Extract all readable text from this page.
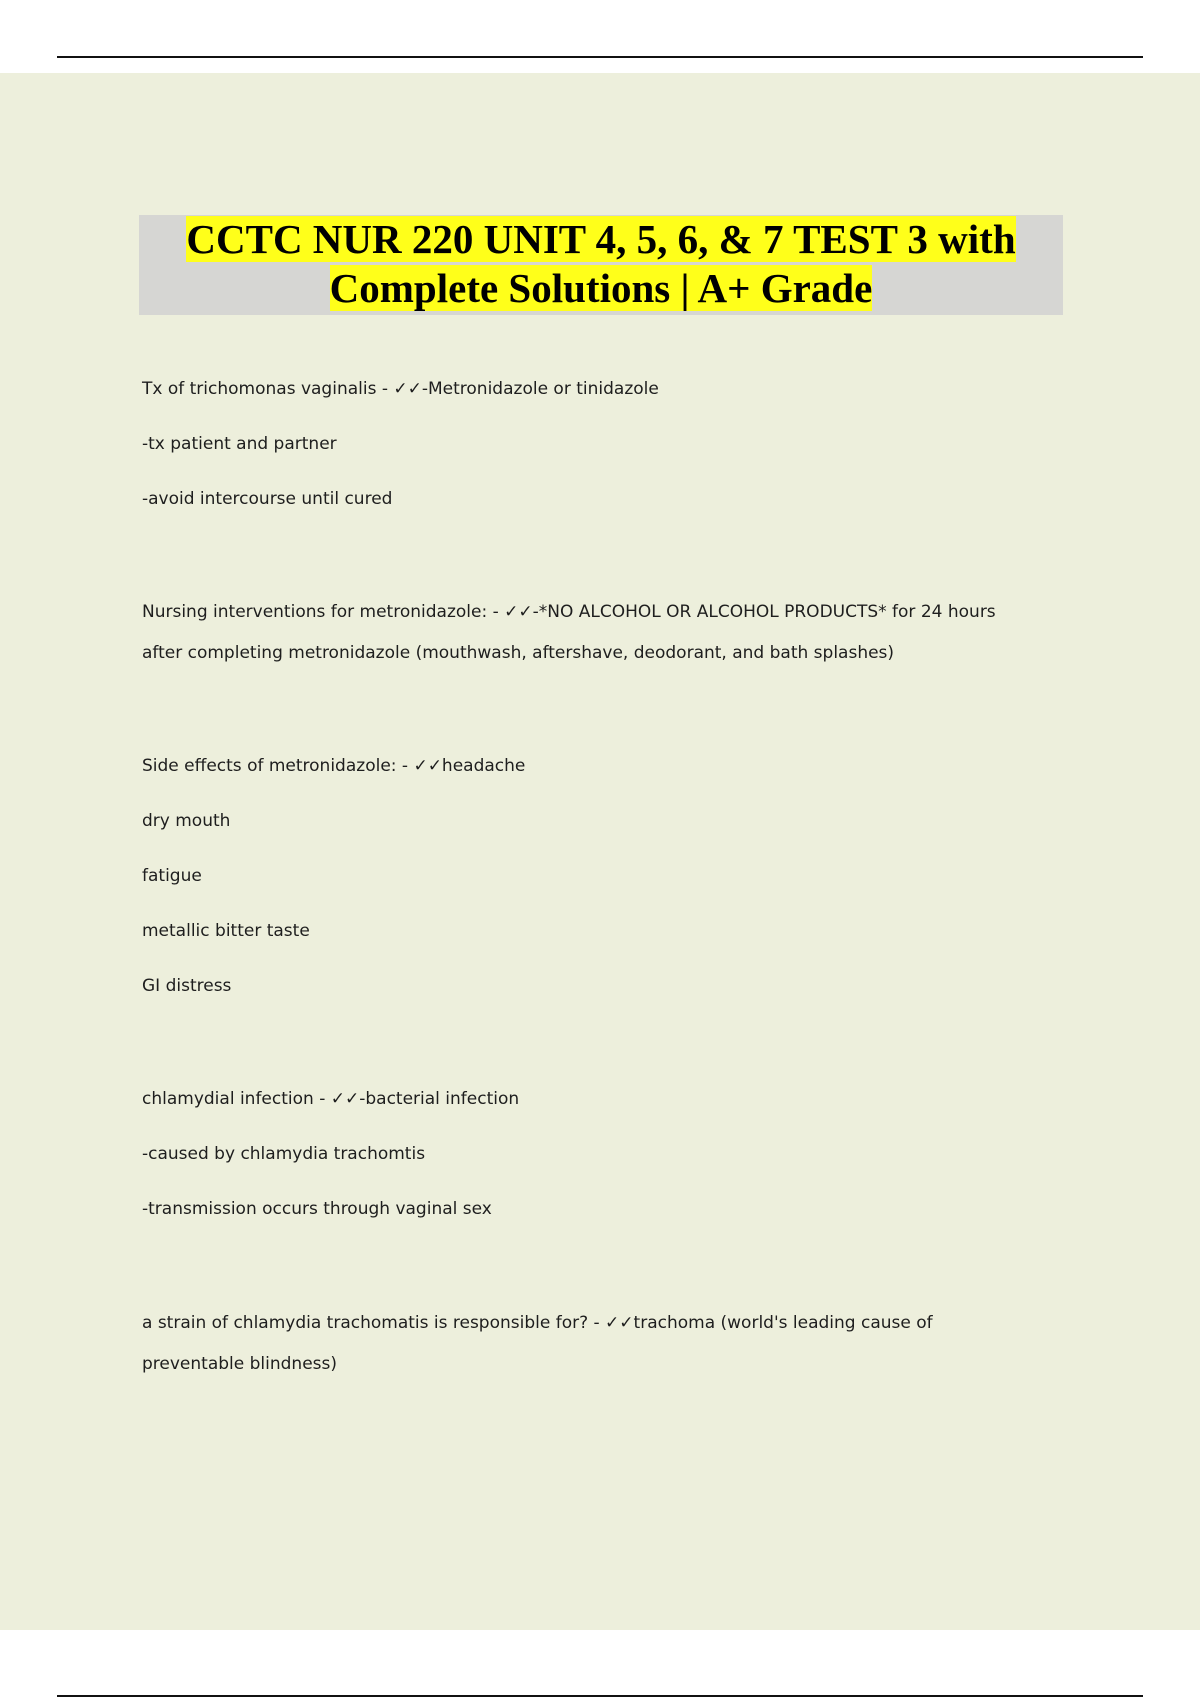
CCTC NUR 220 UNIT 4, 5, 6, & 7 TEST 3 with
Complete Solutions | A+ Grade
Tx of trichomonas vaginalis - ✓✓-Metronidazole or tinidazole
-tx patient and partner
-avoid intercourse until cured
Nursing interventions for metronidazole: - ✓✓-*NO ALCOHOL OR ALCOHOL PRODUCTS* for 24 hours
after completing metronidazole (mouthwash, aftershave, deodorant, and bath splashes)
Side effects of metronidazole: - ✓✓headache
dry mouth
fatigue
metallic bitter taste
GI distress
chlamydial infection - ✓✓-bacterial infection
-caused by chlamydia trachomtis
-transmission occurs through vaginal sex
a strain of chlamydia trachomatis is responsible for? - ✓✓trachoma (world's leading cause of
preventable blindness)
